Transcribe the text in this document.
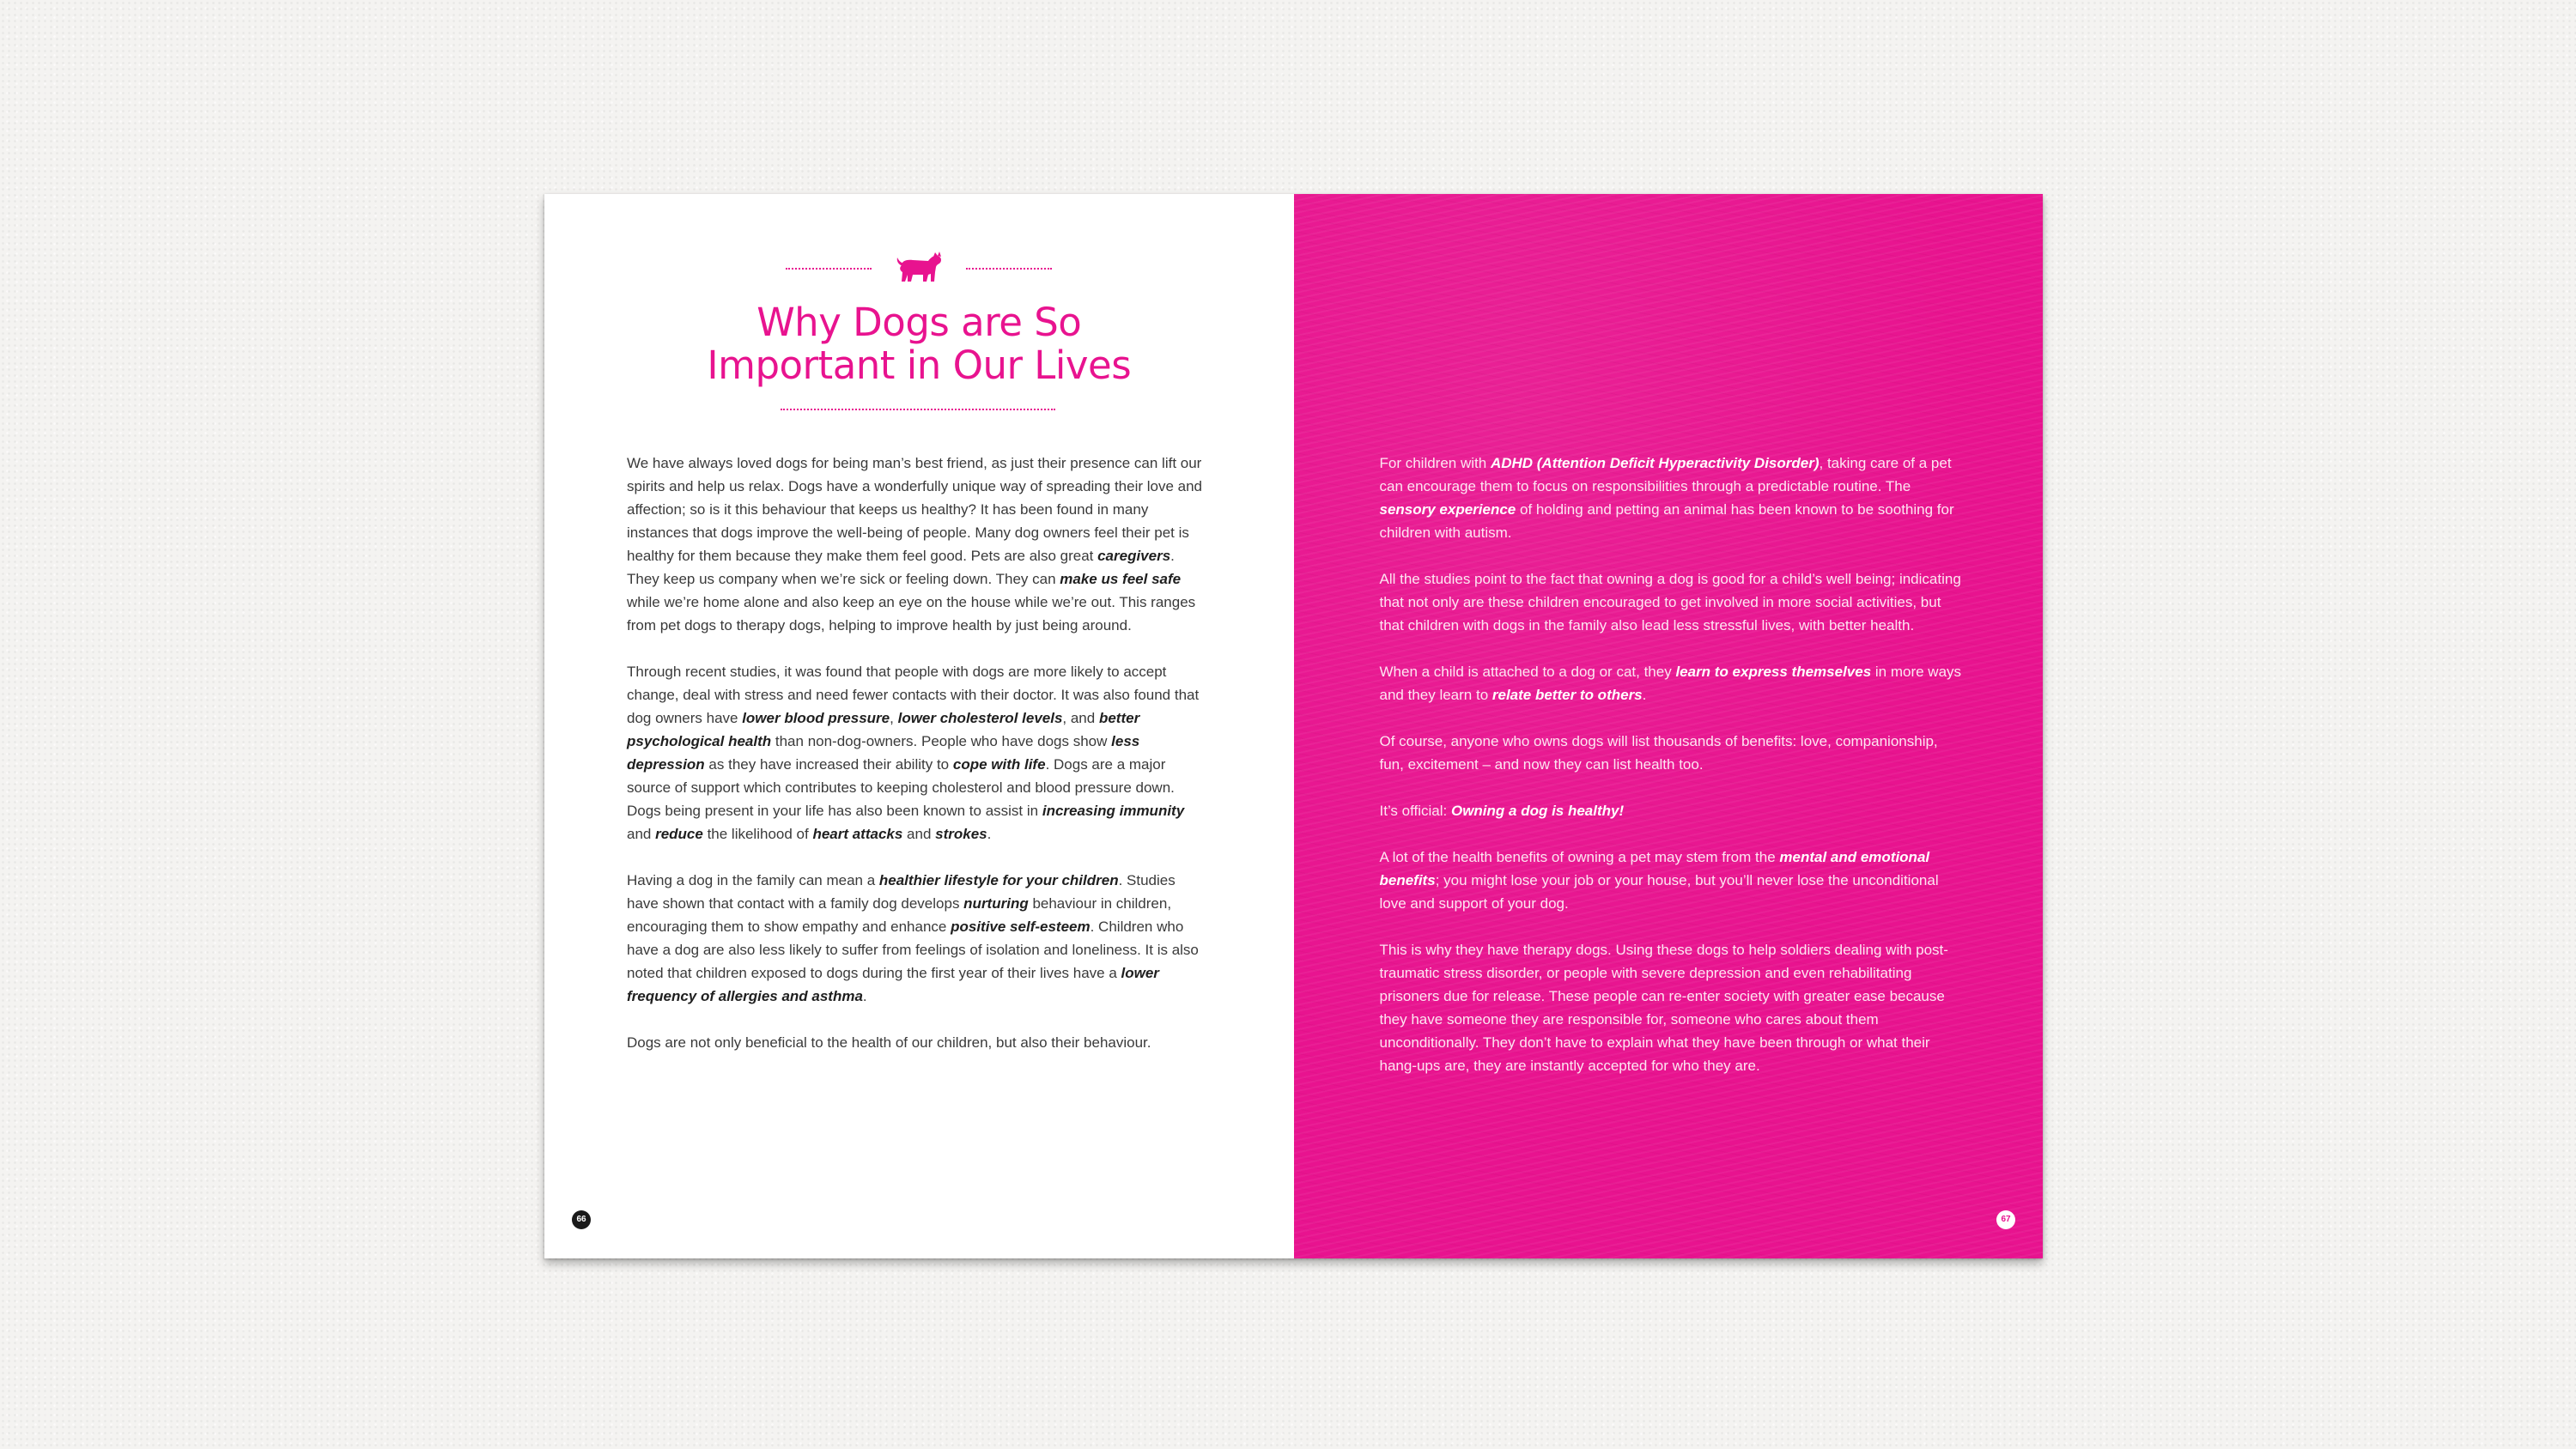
Why Dogs are So
Important in Our Lives

We have always loved dogs for being man’s best friend, as just their presence can lift our spirits and help us relax. Dogs have a wonderfully unique way of spreading their love and affection; so is it this behaviour that keeps us healthy? It has been found in many instances that dogs improve the well-being of people. Many dog owners feel their pet is healthy for them because they make them feel good. Pets are also great caregivers. They keep us company when we’re sick or feeling down. They can make us feel safe while we’re home alone and also keep an eye on the house while we’re out. This ranges from pet dogs to therapy dogs, helping to improve health by just being around.

Through recent studies, it was found that people with dogs are more likely to accept change, deal with stress and need fewer contacts with their doctor. It was also found that dog owners have lower blood pressure, lower cholesterol levels, and better psychological health than non-dog-owners. People who have dogs show less depression as they have increased their ability to cope with life. Dogs are a major source of support which contributes to keeping cholesterol and blood pressure down. Dogs being present in your life has also been known to assist in increasing immunity and reduce the likelihood of heart attacks and strokes.

Having a dog in the family can mean a healthier lifestyle for your children. Studies have shown that contact with a family dog develops nurturing behaviour in children, encouraging them to show empathy and enhance positive self-esteem. Children who have a dog are also less likely to suffer from feelings of isolation and loneliness. It is also noted that children exposed to dogs during the first year of their lives have a lower frequency of allergies and asthma.

Dogs are not only beneficial to the health of our children, but also their behaviour.

66

For children with ADHD (Attention Deficit Hyperactivity Disorder), taking care of a pet can encourage them to focus on responsibilities through a predictable routine. The sensory experience of holding and petting an animal has been known to be soothing for children with autism.

All the studies point to the fact that owning a dog is good for a child’s well being; indicating that not only are these children encouraged to get involved in more social activities, but that children with dogs in the family also lead less stressful lives, with better health.

When a child is attached to a dog or cat, they learn to express themselves in more ways and they learn to relate better to others.

Of course, anyone who owns dogs will list thousands of benefits: love, companionship, fun, excitement – and now they can list health too.

It’s official: Owning a dog is healthy!

A lot of the health benefits of owning a pet may stem from the mental and emotional benefits; you might lose your job or your house, but you’ll never lose the unconditional love and support of your dog.

This is why they have therapy dogs. Using these dogs to help soldiers dealing with post-traumatic stress disorder, or people with severe depression and even rehabilitating prisoners due for release. These people can re-enter society with greater ease because they have someone they are responsible for, someone who cares about them unconditionally. They don’t have to explain what they have been through or what their hang-ups are, they are instantly accepted for who they are.

67
